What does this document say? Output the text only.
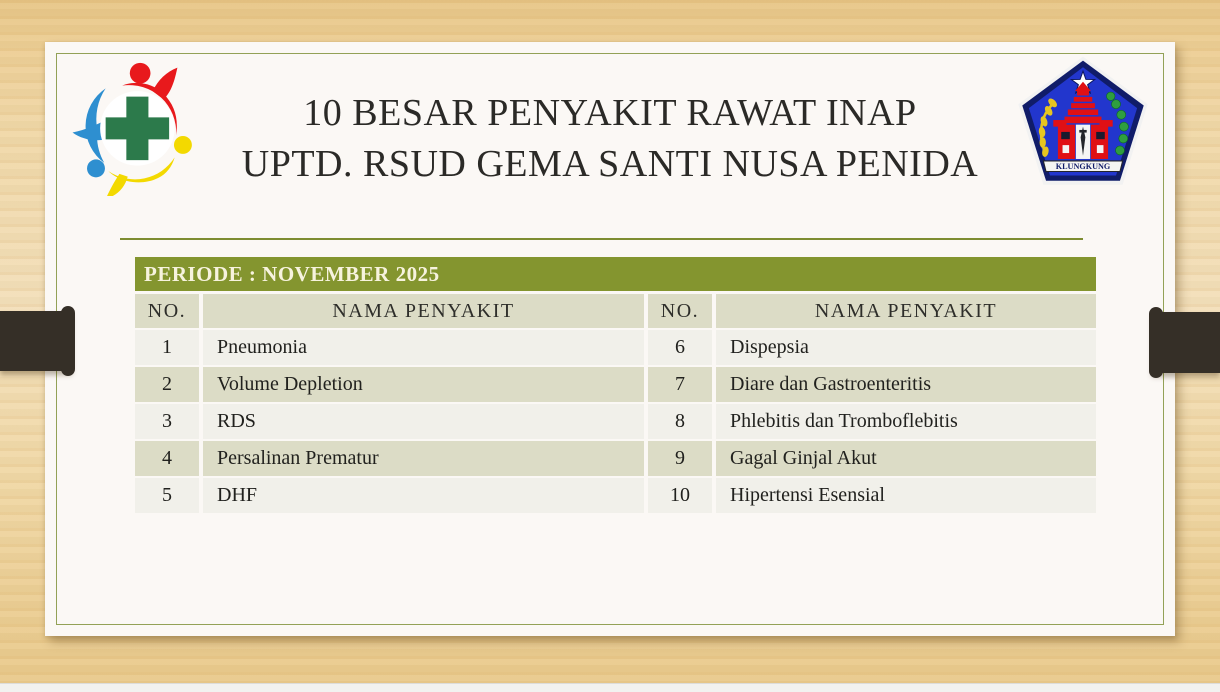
10 BESAR PENYAKIT RAWAT INAP
UPTD. RSUD GEMA SANTI NUSA PENIDA	KLUNGKUNG
PERIODE : NOVEMBER 2025
NO.	NAMA PENYAKIT	NO.	NAMA PENYAKIT
1	Pneumonia	6	Dispepsia
2	Volume Depletion	7	Diare dan Gastroenteritis
3	RDS	8	Phlebitis dan Tromboflebitis
4	Persalinan Prematur	9	Gagal Ginjal Akut
5	DHF	10	Hipertensi Esensial
